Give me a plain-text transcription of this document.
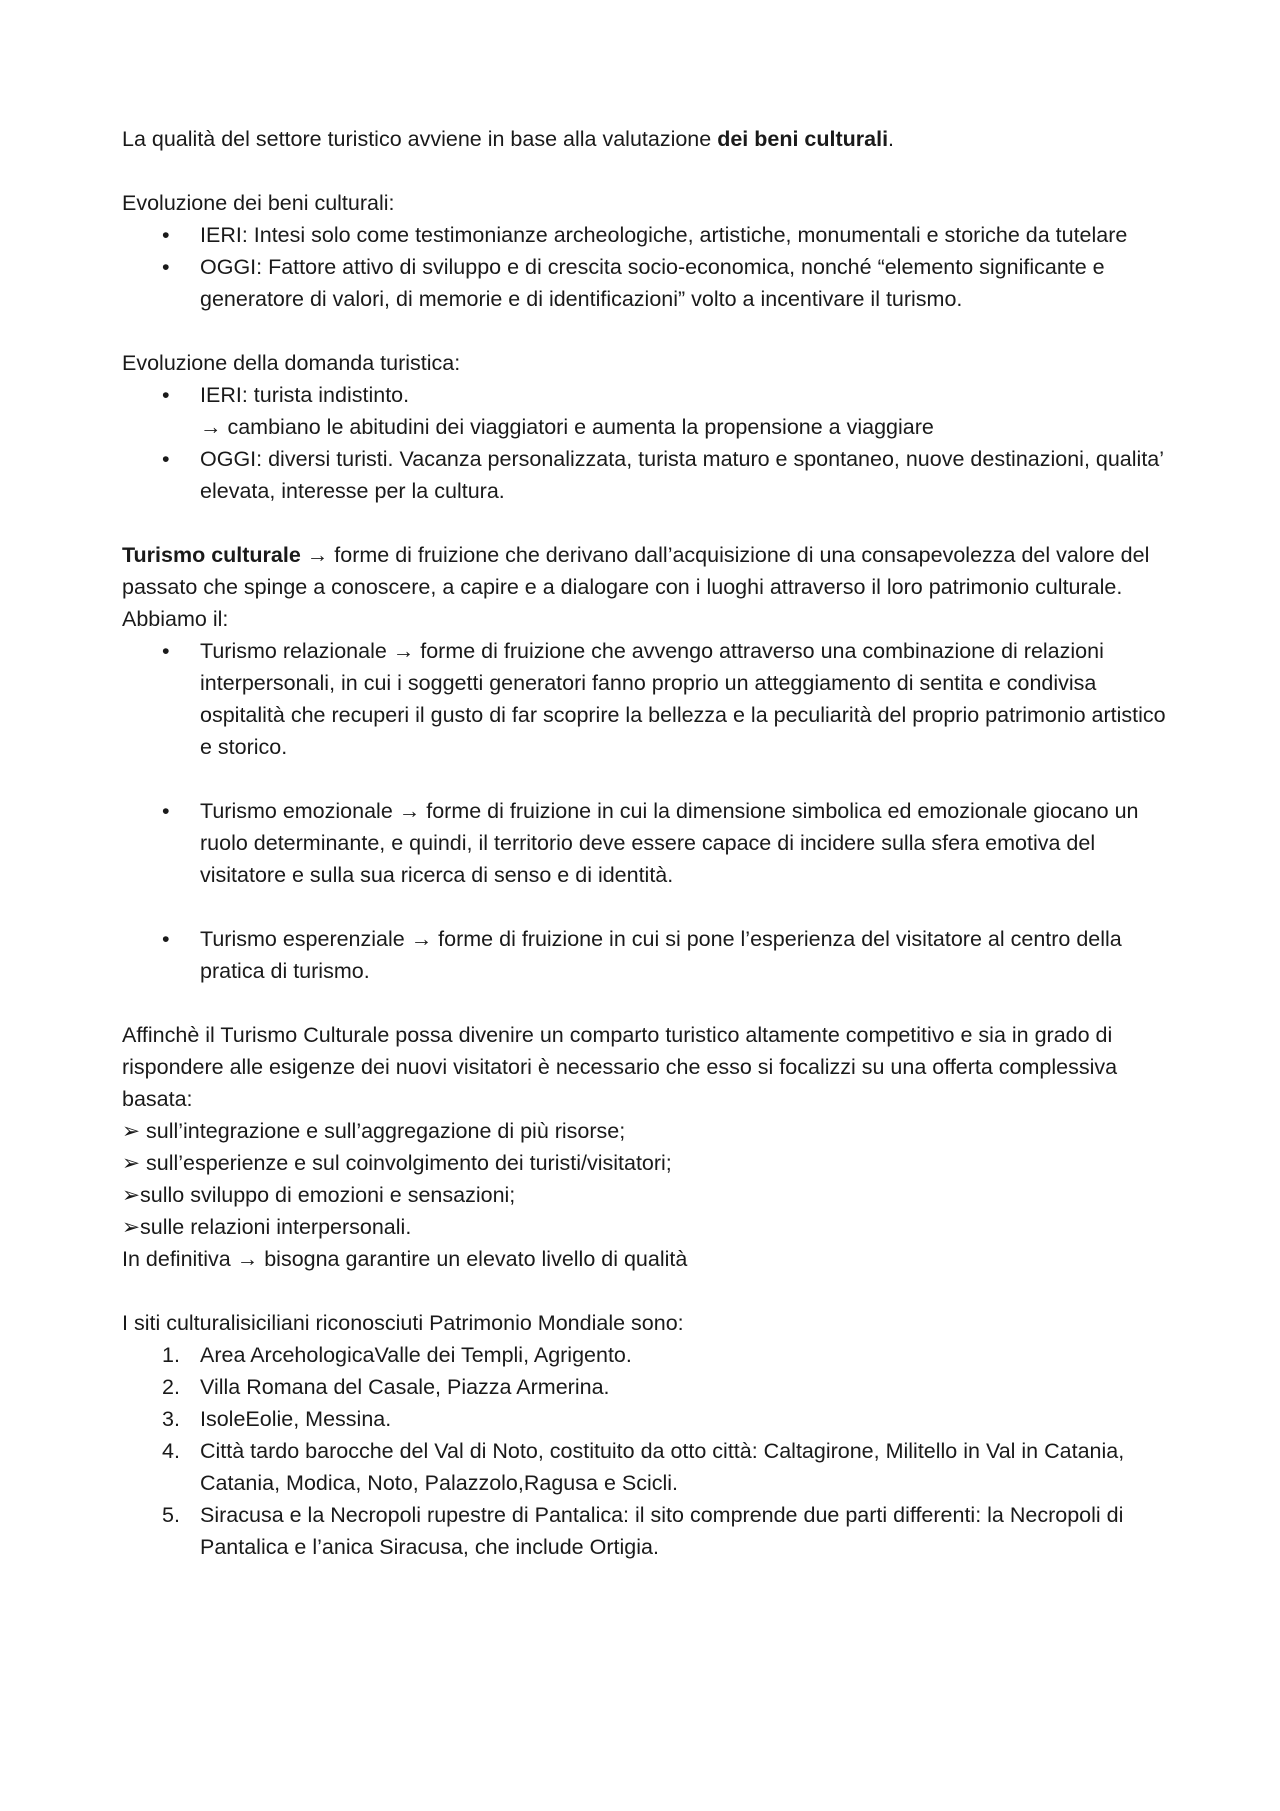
La qualità del settore turistico avviene in base alla valutazione dei beni culturali.

Evoluzione dei beni culturali:

• IERI: Intesi solo come testimonianze archeologiche, artistiche, monumentali e storiche da tutelare
• OGGI: Fattore attivo di sviluppo e di crescita socio-economica, nonché “elemento significante e generatore di valori, di memorie e di identificazioni” volto a incentivare il turismo.

Evoluzione della domanda turistica:

• IERI: turista indistinto.
→ cambiano le abitudini dei viaggiatori e aumenta la propensione a viaggiare
• OGGI: diversi turisti. Vacanza personalizzata, turista maturo e spontaneo, nuove destinazioni, qualita’ elevata, interesse per la cultura.

Turismo culturale → forme di fruizione che derivano dall’acquisizione di una consapevolezza del valore del passato che spinge a conoscere, a capire e a dialogare con i luoghi attraverso il loro patrimonio culturale.

Abbiamo il:

• Turismo relazionale → forme di fruizione che avvengo attraverso una combinazione di relazioni interpersonali, in cui i soggetti generatori fanno proprio un atteggiamento di sentita e condivisa ospitalità che recuperi il gusto di far scoprire la bellezza e la peculiarità del proprio patrimonio artistico e storico.
• Turismo emozionale → forme di fruizione in cui la dimensione simbolica ed emozionale giocano un ruolo determinante, e quindi, il territorio deve essere capace di incidere sulla sfera emotiva del visitatore e sulla sua ricerca di senso e di identità.
• Turismo esperenziale → forme di fruizione in cui si pone l’esperienza del visitatore al centro della pratica di turismo.

Affinchè il Turismo Culturale possa divenire un comparto turistico altamente competitivo e sia in grado di rispondere alle esigenze dei nuovi visitatori è necessario che esso si focalizzi su una offerta complessiva basata:

➢ sull’integrazione e sull’aggregazione di più risorse;
➢ sull’esperienze e sul coinvolgimento dei turisti/visitatori;
➢sullo sviluppo di emozioni e sensazioni;
➢sulle relazioni interpersonali.

In definitiva → bisogna garantire un elevato livello di qualità

I siti culturalisiciliani riconosciuti Patrimonio Mondiale sono:

1. Area ArcehologicaValle dei Templi, Agrigento.
2. Villa Romana del Casale, Piazza Armerina.
3. IsoleEolie, Messina.
4. Città tardo barocche del Val di Noto, costituito da otto città: Caltagirone, Militello in Val in Catania, Catania, Modica, Noto, Palazzolo,Ragusa e Scicli.
5. Siracusa e la Necropoli rupestre di Pantalica: il sito comprende due parti differenti: la Necropoli di Pantalica e l’anica Siracusa, che include Ortigia.
